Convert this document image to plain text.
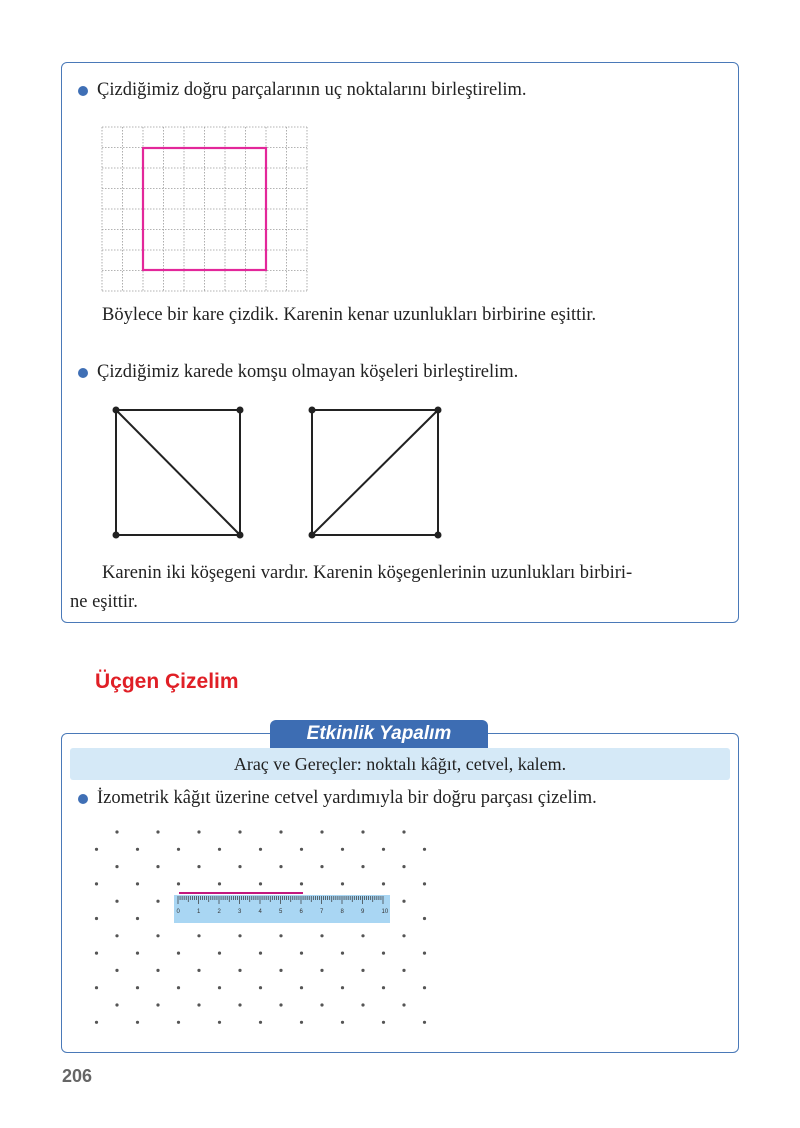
Çizdiğimiz doğru parçalarının uç noktalarını birleştirelim.
Böylece bir kare çizdik. Karenin kenar uzunlukları birbirine eşittir.
Çizdiğimiz karede komşu olmayan köşeleri birleştirelim.
Karenin iki köşegeni vardır. Karenin köşegenlerinin uzunlukları birbiri-
ne eşittir.
Üçgen Çizelim
Etkinlik Yapalım
Araç ve Gereçler: noktalı kâğıt, cetvel, kalem.
İzometrik kâğıt üzerine cetvel yardımıyla bir doğru parçası çizelim.
0	1	2	3	4	5	6	7	8	9	10
206
